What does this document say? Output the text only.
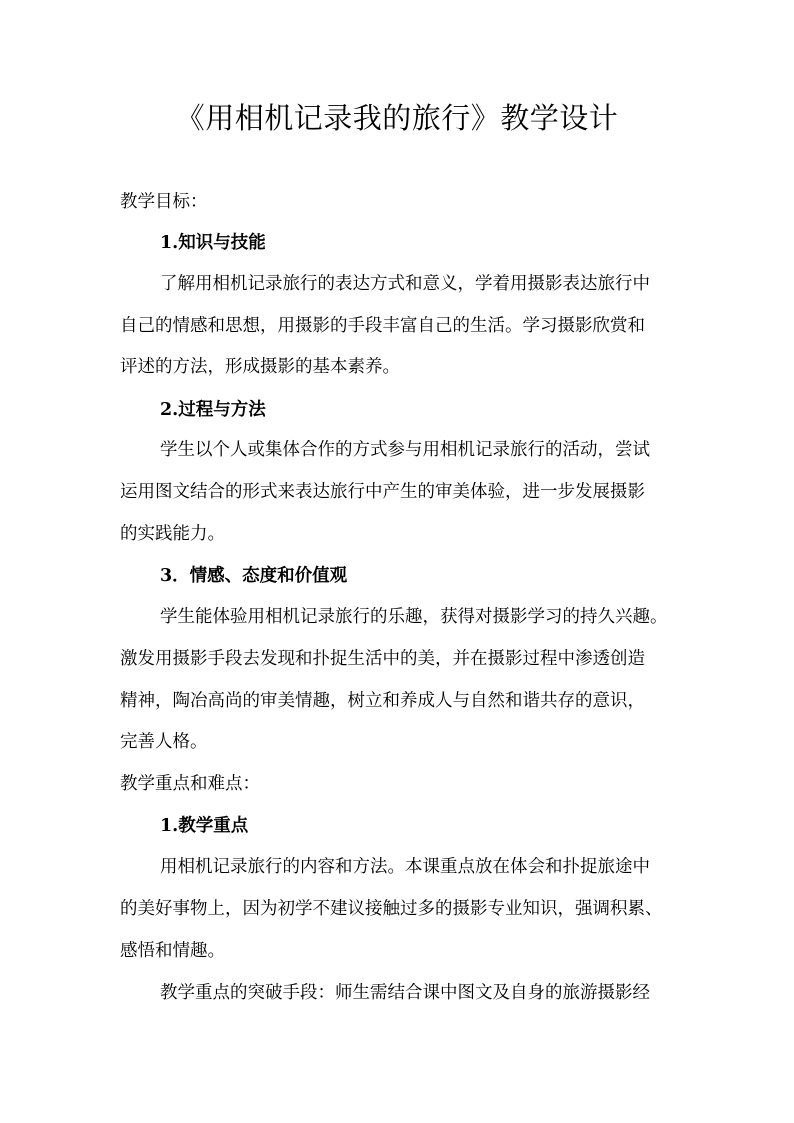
《用相机记录我的旅行》教学设计
教学目标：
1.知识与技能
了解用相机记录旅行的表达方式和意义，学着用摄影表达旅行中
自己的情感和思想，用摄影的手段丰富自己的生活。学习摄影欣赏和
评述的方法，形成摄影的基本素养。
2.过程与方法
学生以个人或集体合作的方式参与用相机记录旅行的活动，尝试
运用图文结合的形式来表达旅行中产生的审美体验，进一步发展摄影
的实践能力。
3．情感、态度和价值观
学生能体验用相机记录旅行的乐趣，获得对摄影学习的持久兴趣。
激发用摄影手段去发现和扑捉生活中的美，并在摄影过程中渗透创造
精神，陶冶高尚的审美情趣，树立和养成人与自然和谐共存的意识，
完善人格。
教学重点和难点：
1.教学重点
用相机记录旅行的内容和方法。本课重点放在体会和扑捉旅途中
的美好事物上，因为初学不建议接触过多的摄影专业知识，强调积累、
感悟和情趣。
教学重点的突破手段：师生需结合课中图文及自身的旅游摄影经
